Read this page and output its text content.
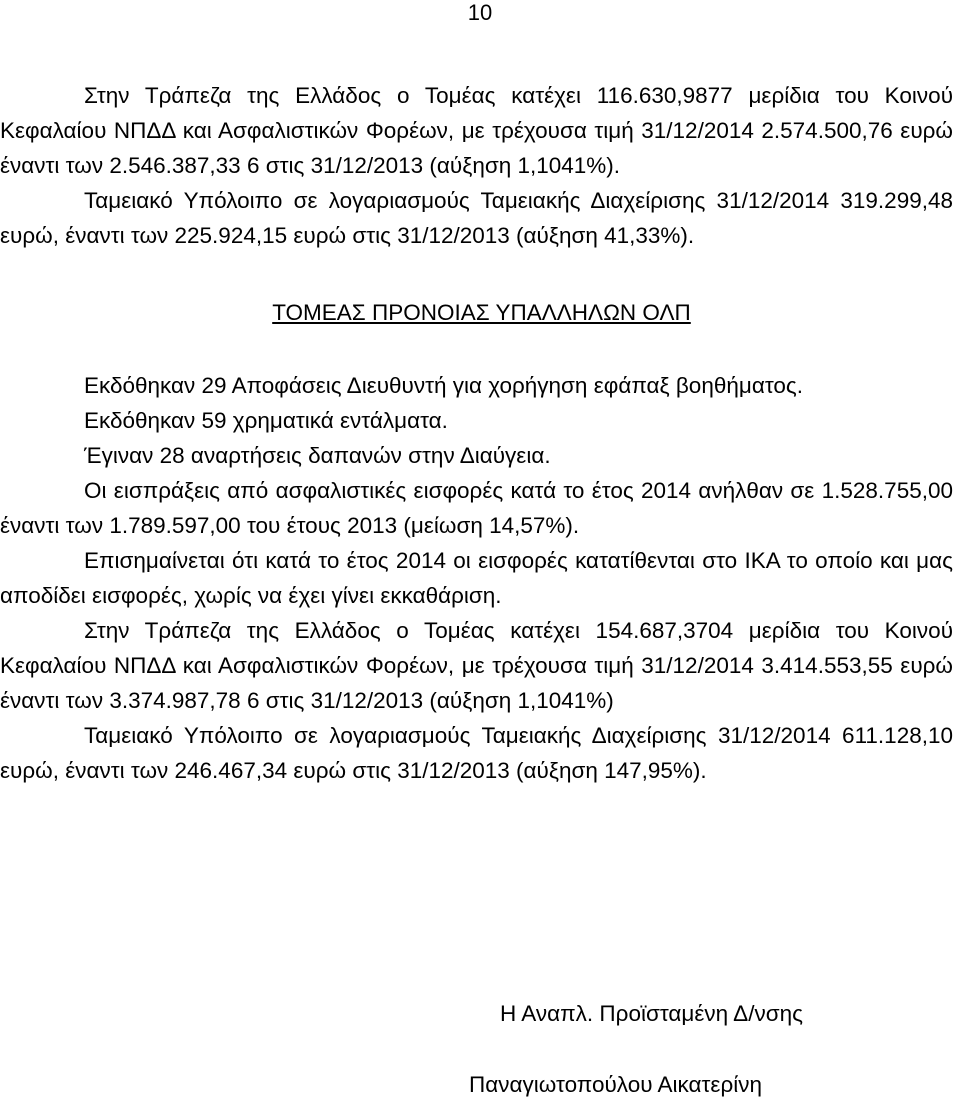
10

Στην Τράπεζα της Ελλάδος ο Τομέας κατέχει 116.630,9877 μερίδια του Κοινού Κεφαλαίου ΝΠΔΔ και Ασφαλιστικών Φορέων, με τρέχουσα τιμή 31/12/2014 2.574.500,76 ευρώ έναντι των 2.546.387,33 6 στις 31/12/2013 (αύξηση 1,1041%).

Ταμειακό Υπόλοιπο σε λογαριασμούς Ταμειακής Διαχείρισης 31/12/2014 319.299,48 ευρώ, έναντι των 225.924,15 ευρώ στις 31/12/2013 (αύξηση 41,33%).

ΤΟΜΕΑΣ ΠΡΟΝΟΙΑΣ ΥΠΑΛΛΗΛΩΝ ΟΛΠ

Εκδόθηκαν 29 Αποφάσεις Διευθυντή για χορήγηση εφάπαξ βοηθήματος.

Εκδόθηκαν 59 χρηματικά εντάλματα.

Έγιναν 28 αναρτήσεις δαπανών στην Διαύγεια.

Οι εισπράξεις από ασφαλιστικές εισφορές κατά το έτος 2014 ανήλθαν σε 1.528.755,00 έναντι των 1.789.597,00 του έτους 2013 (μείωση 14,57%).

Επισημαίνεται ότι κατά το έτος 2014 οι εισφορές κατατίθενται στο ΙΚΑ το οποίο και μας αποδίδει εισφορές, χωρίς να έχει γίνει εκκαθάριση.

Στην Τράπεζα της Ελλάδος ο Τομέας κατέχει 154.687,3704 μερίδια του Κοινού Κεφαλαίου ΝΠΔΔ και Ασφαλιστικών Φορέων, με τρέχουσα τιμή 31/12/2014 3.414.553,55 ευρώ έναντι των 3.374.987,78 6 στις 31/12/2013 (αύξηση 1,1041%)

Ταμειακό Υπόλοιπο σε λογαριασμούς Ταμειακής Διαχείρισης 31/12/2014 611.128,10 ευρώ, έναντι των 246.467,34 ευρώ στις 31/12/2013 (αύξηση 147,95%).

Η Αναπλ. Προϊσταμένη Δ/νσης
Παναγιωτοπούλου Αικατερίνη
